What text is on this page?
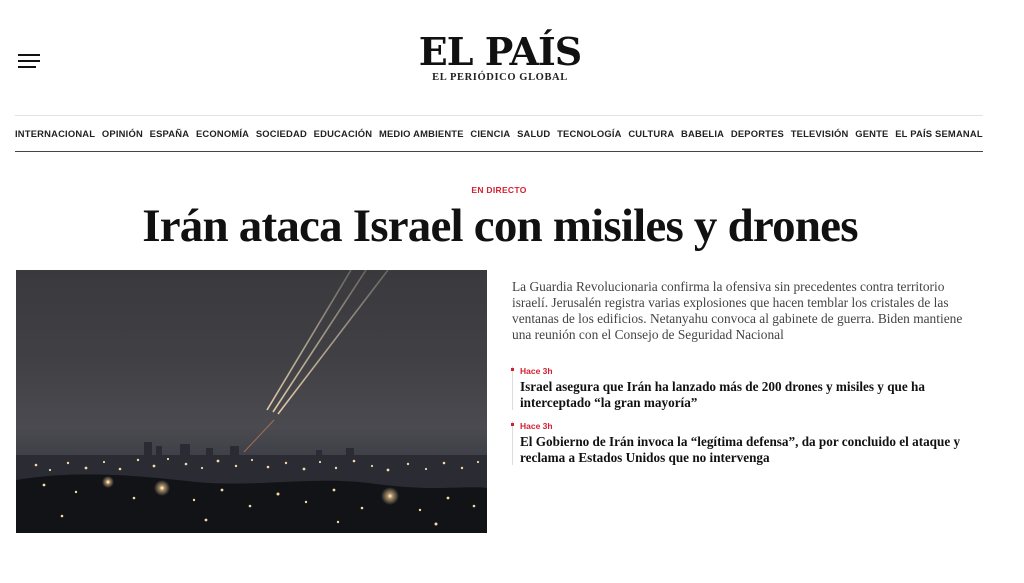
EL PAÍS
EL PERIÓDICO GLOBAL
INTERNACIONAL OPINIÓN ESPAÑA ECONOMÍA SOCIEDAD EDUCACIÓN MEDIO AMBIENTE CIENCIA SALUD TECNOLOGÍA CULTURA BABELIA DEPORTES TELEVISIÓN GENTE EL PAÍS SEMANAL
EN DIRECTO
Irán ataca Israel con misiles y drones

La Guardia Revolucionaria confirma la ofensiva sin precedentes contra territorio israelí. Jerusalén registra varias explosiones que hacen temblar los cristales de las ventanas de los edificios. Netanyahu convoca al gabinete de guerra. Biden mantiene una reunión con el Consejo de Seguridad Nacional

Hace 3h
Israel asegura que Irán ha lanzado más de 200 drones y misiles y que ha interceptado “la gran mayoría”
Hace 3h
El Gobierno de Irán invoca la “legítima defensa”, da por concluido el ataque y reclama a Estados Unidos que no intervenga
